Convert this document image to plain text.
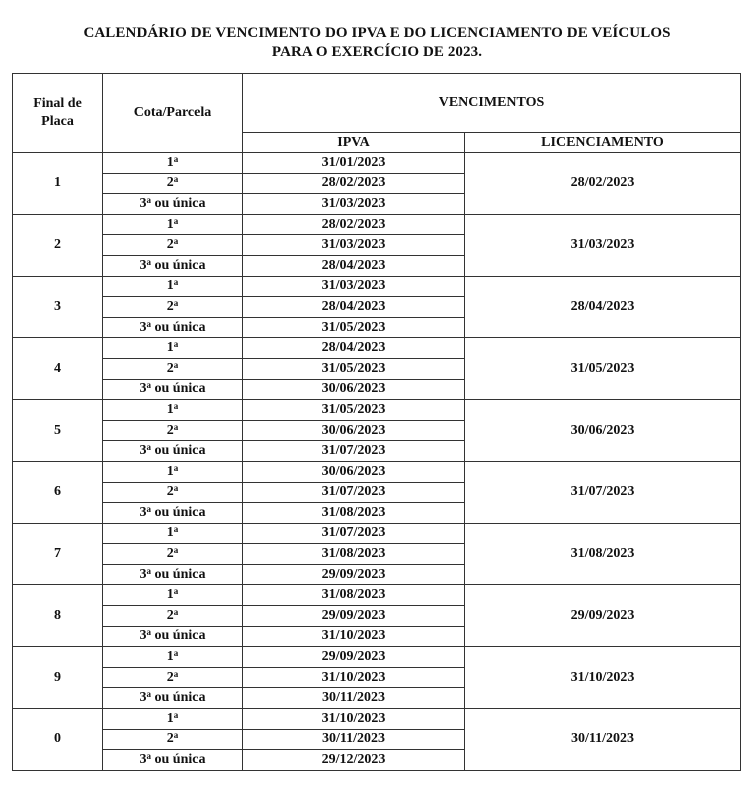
CALENDÁRIO DE VENCIMENTO DO IPVA E DO LICENCIAMENTO DE VEÍCULOS
PARA O EXERCÍCIO DE 2023.
Final de
Placa	Cota/Parcela	VENCIMENTOS	
		IPVA	LICENCIAMENTO
1	1$^a$	31/01/2023	28/02/2023
	2$^a$	28/02/2023	
	3$^a$ ou única	31/03/2023	
2	1$^a$	28/02/2023	31/03/2023
	2$^a$	31/03/2023	
	3$^a$ ou única	28/04/2023	
3	1$^a$	31/03/2023	28/04/2023
	2$^a$	28/04/2023	
	3$^a$ ou única	31/05/2023	
4	1$^a$	28/04/2023	31/05/2023
	2$^a$	31/05/2023	
	3$^a$ ou única	30/06/2023	
5	1$^a$	31/05/2023	30/06/2023
	2$^a$	30/06/2023	
	3$^a$ ou única	31/07/2023	
6	1$^a$	30/06/2023	31/07/2023
	2$^a$	31/07/2023	
	3$^a$ ou única	31/08/2023	
7	1$^a$	31/07/2023	31/08/2023
	2$^a$	31/08/2023	
	3$^a$ ou única	29/09/2023	
8	1$^a$	31/08/2023	29/09/2023
	2$^a$	29/09/2023	
	3$^a$ ou única	31/10/2023	
9	1$^a$	29/09/2023	31/10/2023
	2$^a$	31/10/2023	
	3$^a$ ou única	30/11/2023	
0	1$^a$	31/10/2023	30/11/2023
	2$^a$	30/11/2023	
	3$^a$ ou única	29/12/2023	
